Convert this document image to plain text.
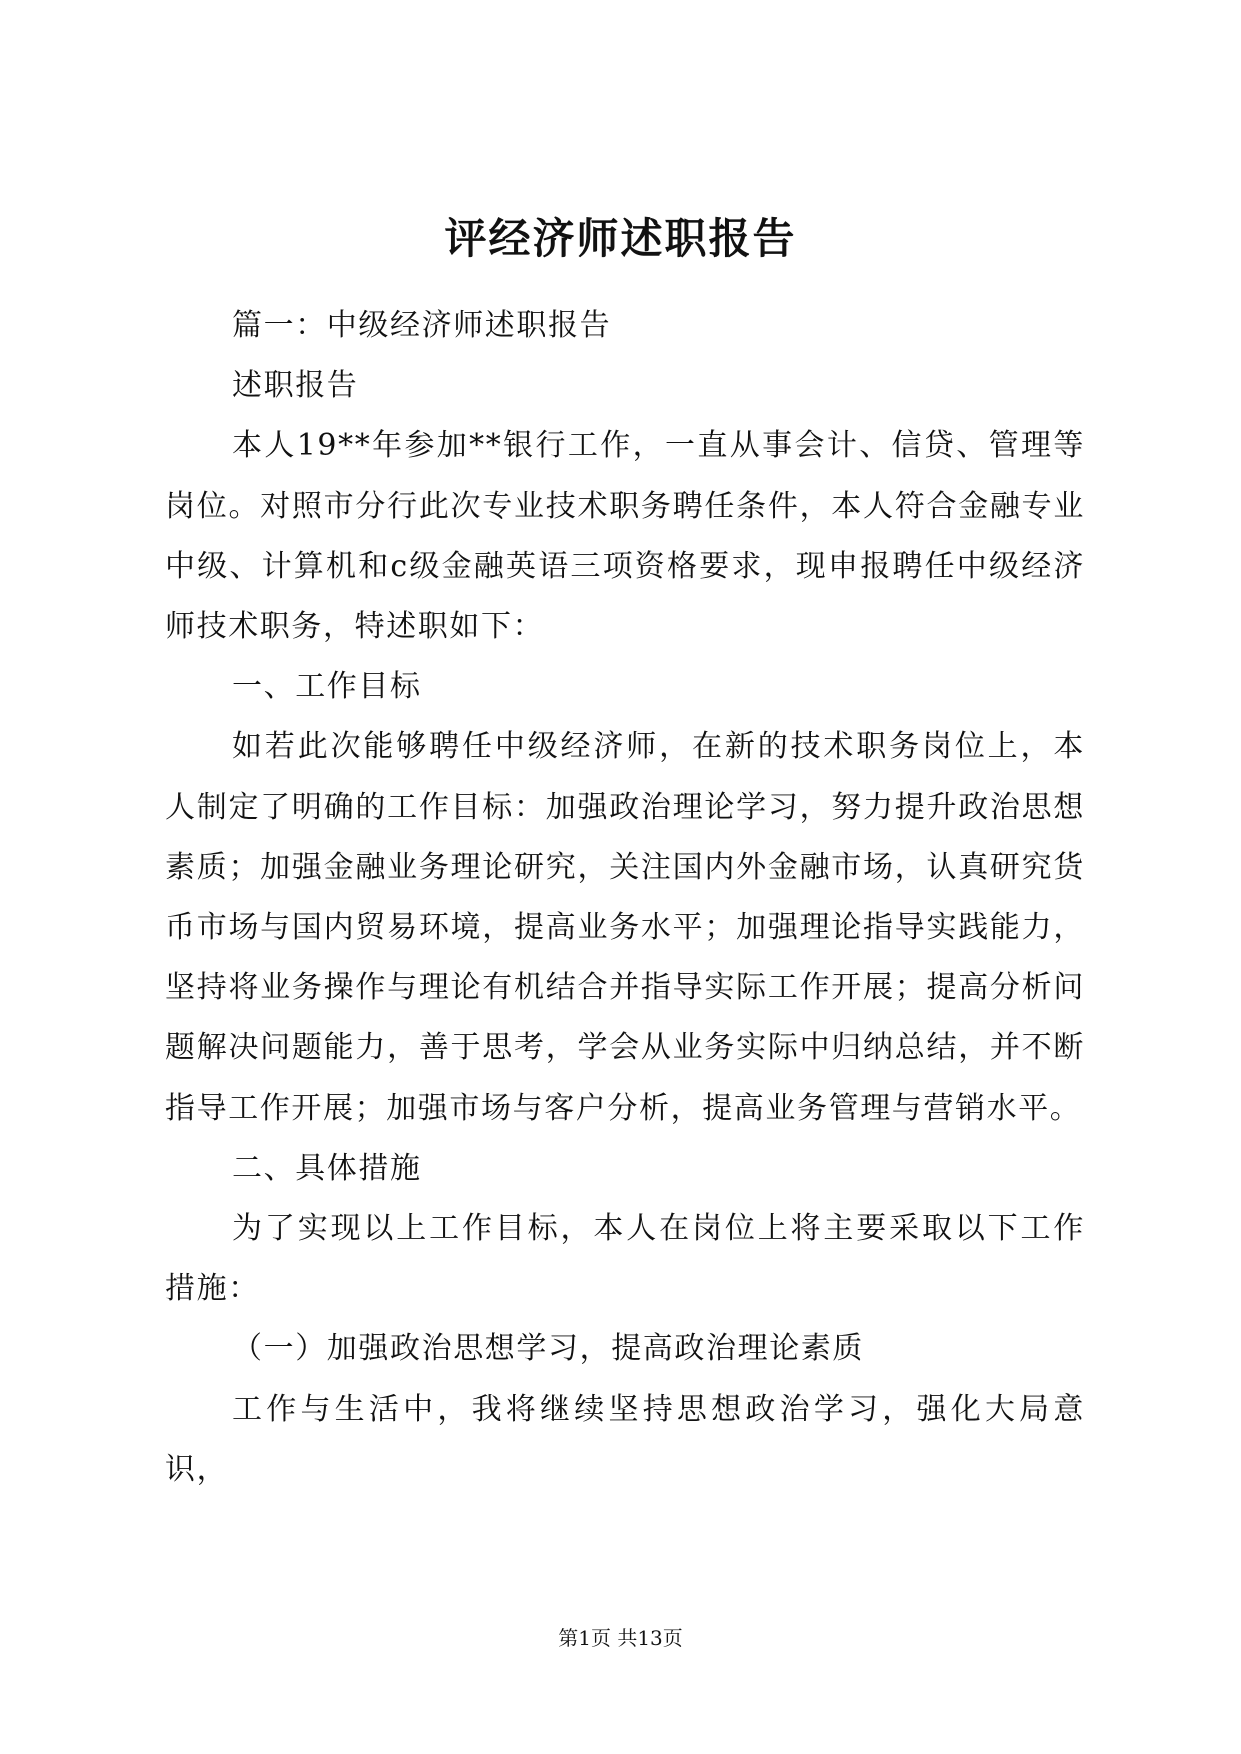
评经济师述职报告

篇一：中级经济师述职报告

述职报告

本人19**年参加**银行工作，一直从事会计、信贷、管理等岗位。对照市分行此次专业技术职务聘任条件，本人符合金融专业中级、计算机和c级金融英语三项资格要求，现申报聘任中级经济师技术职务，特述职如下：

一、工作目标

如若此次能够聘任中级经济师，在新的技术职务岗位上，本人制定了明确的工作目标：加强政治理论学习，努力提升政治思想素质；加强金融业务理论研究，关注国内外金融市场，认真研究货币市场与国内贸易环境，提高业务水平；加强理论指导实践能力，坚持将业务操作与理论有机结合并指导实际工作开展；提高分析问题解决问题能力，善于思考，学会从业务实际中归纳总结，并不断指导工作开展；加强市场与客户分析，提高业务管理与营销水平。

二、具体措施

为了实现以上工作目标，本人在岗位上将主要采取以下工作措施：

（一）加强政治思想学习，提高政治理论素质

工作与生活中，我将继续坚持思想政治学习，强化大局意识，

第1页 共13页
